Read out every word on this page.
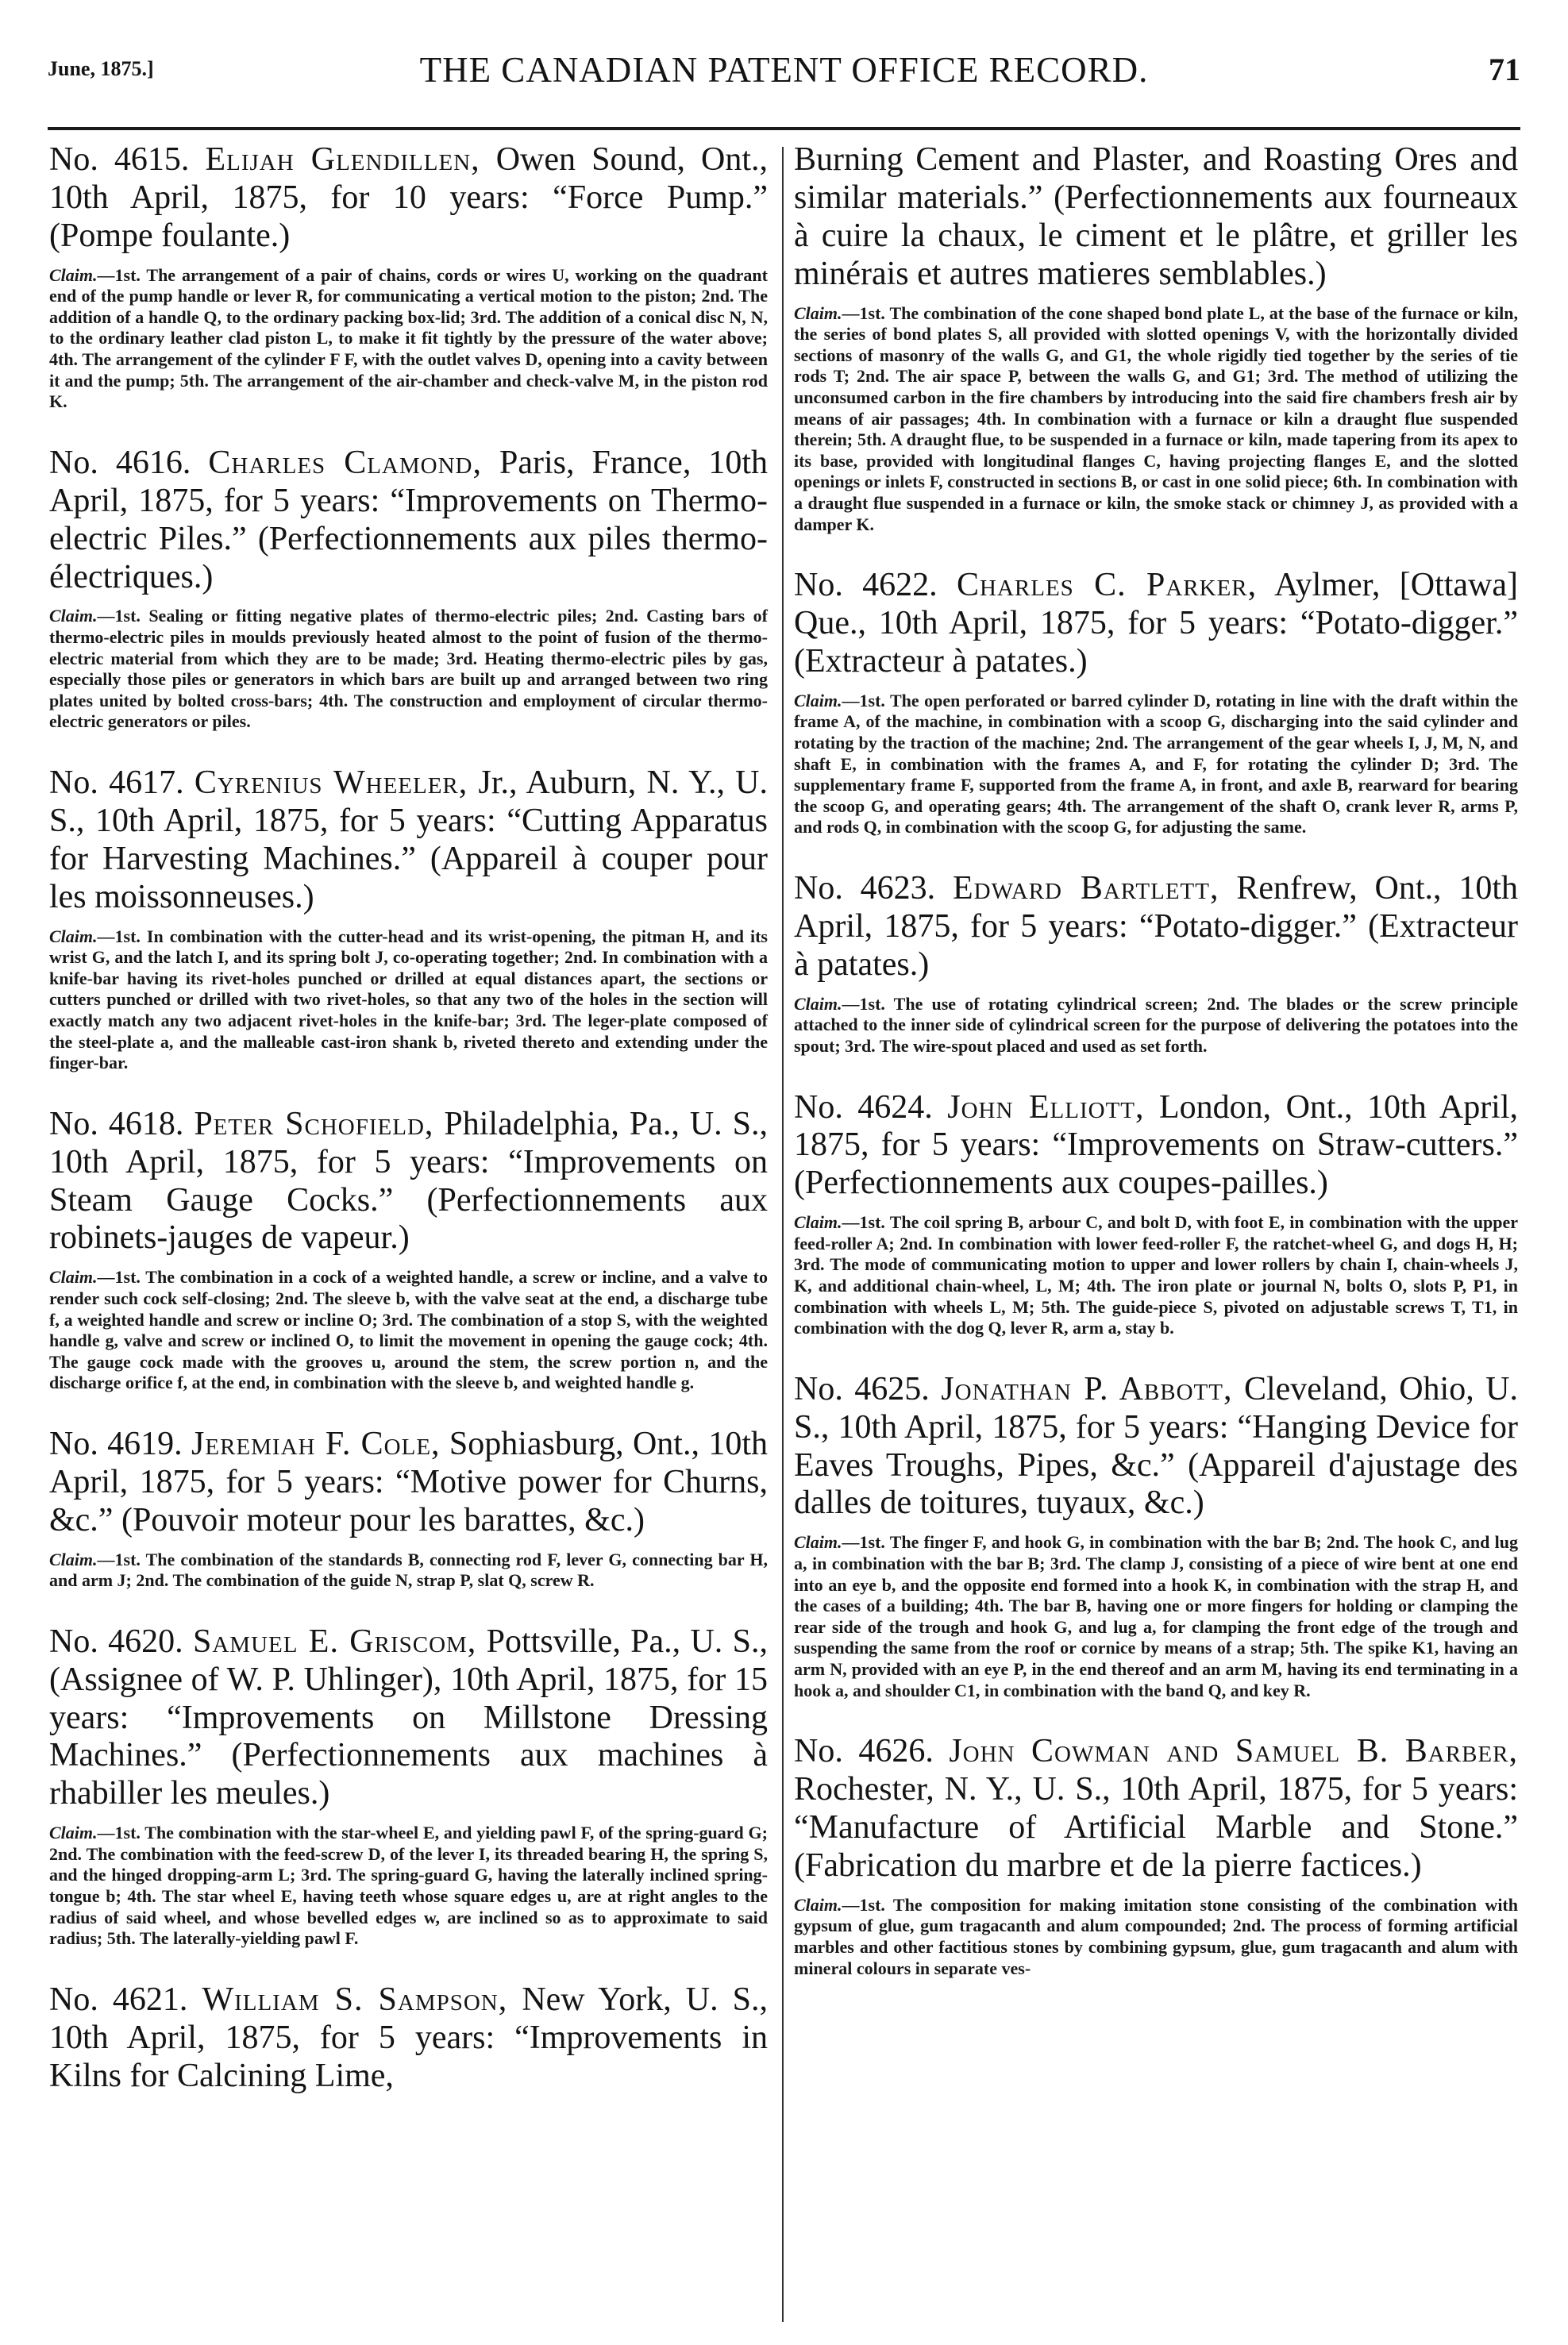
June, 1875.]	THE CANADIAN PATENT OFFICE RECORD.	71

No. 4615. Elijah Glendillen, Owen Sound, Ont., 10th April, 1875, for 10 years: “Force Pump.” (Pompe foulante.)

Claim.—1st. The arrangement of a pair of chains, cords or wires U, working on the quadrant end of the pump handle or lever R, for communicating a vertical motion to the piston; 2nd. The addition of a handle Q, to the ordinary packing box-lid; 3rd. The addition of a conical disc N, N, to the ordinary leather clad piston L, to make it fit tightly by the pressure of the water above; 4th. The arrangement of the cylinder F F, with the outlet valves D, opening into a cavity between it and the pump; 5th. The arrangement of the air-chamber and check-valve M, in the piston rod K.

No. 4616. Charles Clamond, Paris, France, 10th April, 1875, for 5 years: “Improvements on Thermo-electric Piles.” (Perfectionnements aux piles thermo-électriques.)

Claim.—1st. Sealing or fitting negative plates of thermo-electric piles; 2nd. Casting bars of thermo-electric piles in moulds previously heated almost to the point of fusion of the thermo-electric material from which they are to be made; 3rd. Heating thermo-electric piles by gas, especially those piles or generators in which bars are built up and arranged between two ring plates united by bolted cross-bars; 4th. The construction and employment of circular thermo-electric generators or piles.

No. 4617. Cyrenius Wheeler, Jr., Auburn, N. Y., U. S., 10th April, 1875, for 5 years: “Cutting Apparatus for Harvesting Machines.” (Appareil à couper pour les moissonneuses.)

Claim.—1st. In combination with the cutter-head and its wrist-opening, the pitman H, and its wrist G, and the latch I, and its spring bolt J, co-operating together; 2nd. In combination with a knife-bar having its rivet-holes punched or drilled at equal distances apart, the sections or cutters punched or drilled with two rivet-holes, so that any two of the holes in the section will exactly match any two adjacent rivet-holes in the knife-bar; 3rd. The leger-plate composed of the steel-plate a, and the malleable cast-iron shank b, riveted thereto and extending under the finger-bar.

No. 4618. Peter Schofield, Philadelphia, Pa., U. S., 10th April, 1875, for 5 years: “Improvements on Steam Gauge Cocks.” (Perfectionnements aux robinets-jauges de vapeur.)

Claim.—1st. The combination in a cock of a weighted handle, a screw or incline, and a valve to render such cock self-closing; 2nd. The sleeve b, with the valve seat at the end, a discharge tube f, a weighted handle and screw or incline O; 3rd. The combination of a stop S, with the weighted handle g, valve and screw or inclined O, to limit the movement in opening the gauge cock; 4th. The gauge cock made with the grooves u, around the stem, the screw portion n, and the discharge orifice f, at the end, in combination with the sleeve b, and weighted handle g.

No. 4619. Jeremiah F. Cole, Sophiasburg, Ont., 10th April, 1875, for 5 years: “Motive power for Churns, &c.” (Pouvoir moteur pour les barattes, &c.)

Claim.—1st. The combination of the standards B, connecting rod F, lever G, connecting bar H, and arm J; 2nd. The combination of the guide N, strap P, slat Q, screw R.

No. 4620. Samuel E. Griscom, Pottsville, Pa., U. S., (Assignee of W. P. Uhlinger), 10th April, 1875, for 15 years: “Improvements on Millstone Dressing Machines.” (Perfectionnements aux machines à rhabiller les meules.)

Claim.—1st. The combination with the star-wheel E, and yielding pawl F, of the spring-guard G; 2nd. The combination with the feed-screw D, of the lever I, its threaded bearing H, the spring S, and the hinged dropping-arm L; 3rd. The spring-guard G, having the laterally inclined spring-tongue b; 4th. The star wheel E, having teeth whose square edges u, are at right angles to the radius of said wheel, and whose bevelled edges w, are inclined so as to approximate to said radius; 5th. The laterally-yielding pawl F.

No. 4621. William S. Sampson, New York, U. S., 10th April, 1875, for 5 years: “Improvements in Kilns for Calcining Lime,

Burning Cement and Plaster, and Roasting Ores and similar materials.” (Perfectionnements aux fourneaux à cuire la chaux, le ciment et le plâtre, et griller les minérais et autres matieres semblables.)

Claim.—1st. The combination of the cone shaped bond plate L, at the base of the furnace or kiln, the series of bond plates S, all provided with slotted openings V, with the horizontally divided sections of masonry of the walls G, and G1, the whole rigidly tied together by the series of tie rods T; 2nd. The air space P, between the walls G, and G1; 3rd. The method of utilizing the unconsumed carbon in the fire chambers by introducing into the said fire chambers fresh air by means of air passages; 4th. In combination with a furnace or kiln a draught flue suspended therein; 5th. A draught flue, to be suspended in a furnace or kiln, made tapering from its apex to its base, provided with longitudinal flanges C, having projecting flanges E, and the slotted openings or inlets F, constructed in sections B, or cast in one solid piece; 6th. In combination with a draught flue suspended in a furnace or kiln, the smoke stack or chimney J, as provided with a damper K.

No. 4622. Charles C. Parker, Aylmer, [Ottawa] Que., 10th April, 1875, for 5 years: “Potato-digger.” (Extracteur à patates.)

Claim.—1st. The open perforated or barred cylinder D, rotating in line with the draft within the frame A, of the machine, in combination with a scoop G, discharging into the said cylinder and rotating by the traction of the machine; 2nd. The arrangement of the gear wheels I, J, M, N, and shaft E, in combination with the frames A, and F, for rotating the cylinder D; 3rd. The supplementary frame F, supported from the frame A, in front, and axle B, rearward for bearing the scoop G, and operating gears; 4th. The arrangement of the shaft O, crank lever R, arms P, and rods Q, in combination with the scoop G, for adjusting the same.

No. 4623. Edward Bartlett, Renfrew, Ont., 10th April, 1875, for 5 years: “Potato-digger.” (Extracteur à patates.)

Claim.—1st. The use of rotating cylindrical screen; 2nd. The blades or the screw principle attached to the inner side of cylindrical screen for the purpose of delivering the potatoes into the spout; 3rd. The wire-spout placed and used as set forth.

No. 4624. John Elliott, London, Ont., 10th April, 1875, for 5 years: “Improvements on Straw-cutters.” (Perfectionnements aux coupes-pailles.)

Claim.—1st. The coil spring B, arbour C, and bolt D, with foot E, in combination with the upper feed-roller A; 2nd. In combination with lower feed-roller F, the ratchet-wheel G, and dogs H, H; 3rd. The mode of communicating motion to upper and lower rollers by chain I, chain-wheels J, K, and additional chain-wheel, L, M; 4th. The iron plate or journal N, bolts O, slots P, P1, in combination with wheels L, M; 5th. The guide-piece S, pivoted on adjustable screws T, T1, in combination with the dog Q, lever R, arm a, stay b.

No. 4625. Jonathan P. Abbott, Cleveland, Ohio, U. S., 10th April, 1875, for 5 years: “Hanging Device for Eaves Troughs, Pipes, &c.” (Appareil d'ajustage des dalles de toitures, tuyaux, &c.)

Claim.—1st. The finger F, and hook G, in combination with the bar B; 2nd. The hook C, and lug a, in combination with the bar B; 3rd. The clamp J, consisting of a piece of wire bent at one end into an eye b, and the opposite end formed into a hook K, in combination with the strap H, and the cases of a building; 4th. The bar B, having one or more fingers for holding or clamping the rear side of the trough and hook G, and lug a, for clamping the front edge of the trough and suspending the same from the roof or cornice by means of a strap; 5th. The spike K1, having an arm N, provided with an eye P, in the end thereof and an arm M, having its end terminating in a hook a, and shoulder C1, in combination with the band Q, and key R.

No. 4626. John Cowman and Samuel B. Barber, Rochester, N. Y., U. S., 10th April, 1875, for 5 years: “Manufacture of Artificial Marble and Stone.” (Fabrication du marbre et de la pierre factices.)

Claim.—1st. The composition for making imitation stone consisting of the combination with gypsum of glue, gum tragacanth and alum compounded; 2nd. The process of forming artificial marbles and other factitious stones by combining gypsum, glue, gum tragacanth and alum with mineral colours in separate ves-
